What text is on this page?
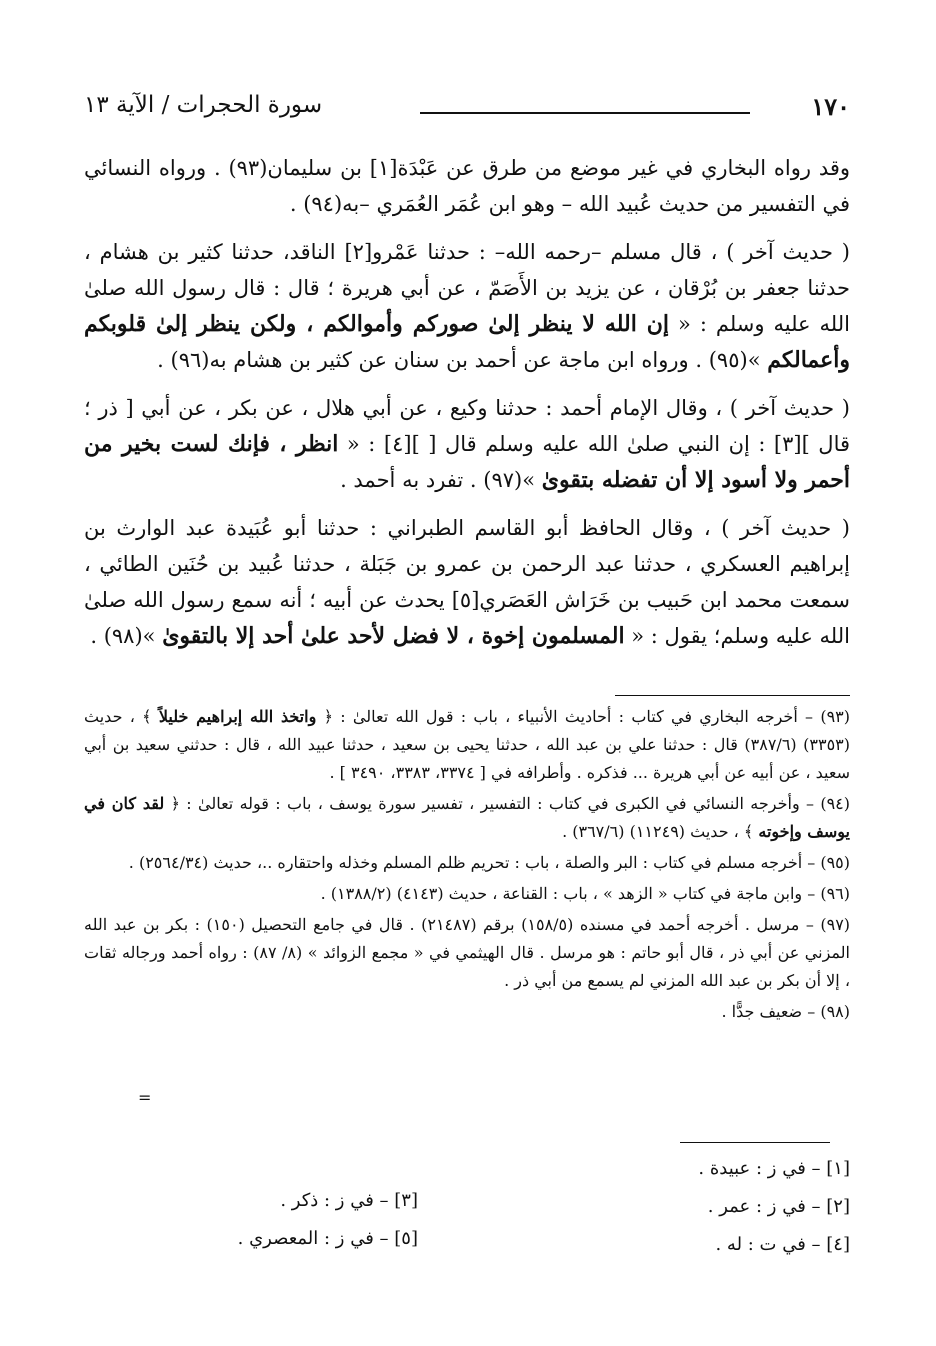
١٧٠
سورة الحجرات / الآية ١٣

وقد رواه البخاري في غير موضع من طرق عن عَبْدَة[١] بن سليمان(٩٣) . ورواه النسائي في التفسير من حديث عُبيد الله – وهو ابن عُمَر العُمَري –به(٩٤) .

( حديث آخر ) ، قال مسلم –رحمه الله– : حدثنا عَمْرو[٢] الناقد، حدثنا كثير بن هشام ، حدثنا جعفر بن بُرْقان ، عن يزيد بن الأَصَمّ ، عن أبي هريرة ؛ قال : قال رسول الله صلىٰ الله عليه وسلم : « إن الله لا ينظر إلىٰ صوركم وأموالكم ، ولكن ينظر إلىٰ قلوبكم وأعمالكم »(٩٥) . ورواه ابن ماجة عن أحمد بن سنان عن كثير بن هشام به(٩٦) .

( حديث آخر ) ، وقال الإمام أحمد : حدثنا وكيع ، عن أبي هلال ، عن بكر ، عن أبي [ ذر ؛ قال ][٣] : إن النبي صلىٰ الله عليه وسلم قال [ ][٤] : « انظر ، فإنك لست بخير من أحمر ولا أسود إلا أن تفضله بتقوىٰ »(٩٧) . تفرد به أحمد .

( حديث آخر ) ، وقال الحافظ أبو القاسم الطبراني : حدثنا أبو عُبَيدة عبد الوارث بن إبراهيم العسكري ، حدثنا عبد الرحمن بن عمرو بن جَبَلة ، حدثنا عُبيد بن حُنَين الطائي ، سمعت محمد ابن حَبيب بن خَرَاش العَصَري[٥] يحدث عن أبيه ؛ أنه سمع رسول الله صلىٰ الله عليه وسلم؛ يقول : « المسلمون إخوة ، لا فضل لأحد علىٰ أحد إلا بالتقوىٰ »(٩٨) .

(٩٣) – أخرجه البخاري في كتاب : أحاديث الأنبياء ، باب : قول الله تعالىٰ : ﴿ واتخذ الله إبراهيم خليلاً ﴾ ، حديث (٣٣٥٣) (٣٨٧/٦) قال : حدثنا علي بن عبد الله ، حدثنا يحيى بن سعيد ، حدثنا عبيد الله ، قال : حدثني سعيد بن أبي سعيد ، عن أبيه عن أبي هريرة ... فذكره . وأطرافه في [ ٣٣٧٤، ٣٣٨٣، ٣٤٩٠ ] .

(٩٤) – وأخرجه النسائي في الكبرى في كتاب : التفسير ، تفسير سورة يوسف ، باب : قوله تعالىٰ : ﴿ لقد كان في يوسف وإخوته ﴾ ، حديث (١١٢٤٩) (٣٦٧/٦) .

(٩٥) – أخرجه مسلم في كتاب : البر والصلة ، باب : تحريم ظلم المسلم وخذله واحتقاره ..، حديث (٢٥٦٤/٣٤) .

(٩٦) – وابن ماجة في كتاب « الزهد » ، باب : القناعة ، حديث (٤١٤٣) (١٣٨٨/٢) .

(٩٧) – مرسل . أخرجه أحمد في مسنده (١٥٨/٥) برقم (٢١٤٨٧) . قال في جامع التحصيل (١٥٠) : بكر بن عبد الله المزني عن أبي ذر ، قال أبو حاتم : هو مرسل . قال الهيثمي في « مجمع الزوائد » (٨/ ٨٧) : رواه أحمد ورجاله ثقات ، إلا أن بكر بن عبد الله المزني لم يسمع من أبي ذر .

(٩٨) – ضعيف جدًّا .

=
[١] – في ز : عبيدة .
[٢] – في ز : عمر .
[٤] – في ت : له .
[٣] – في ز : ذكر .
[٥] – في ز : المعصري .
